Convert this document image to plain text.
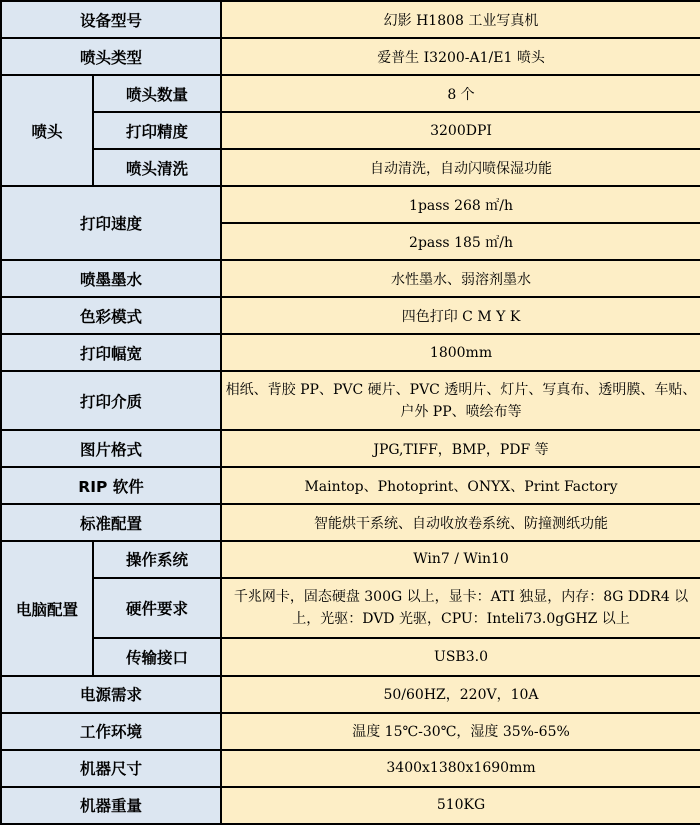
设备型号		幻影 H1808 工业写真机
喷头类型		爱普生 I3200-A1/E1 喷头
喷头	喷头数量	8 个
	打印精度	3200DPI
	喷头清洗	自动清洗，自动闪喷保湿功能
打印速度		1pass 268 ㎡/h
		2pass 185 ㎡/h
喷墨墨水		水性墨水、弱溶剂墨水
色彩模式		四色打印 C M Y K
打印幅宽		1800mm
打印介质		相纸、背胶 PP、PVC 硬片、PVC 透明片、灯片、写真布、透明膜、车贴、户外 PP、喷绘布等
图片格式		JPG,TIFF，BMP，PDF 等
RIP 软件		Maintop、Photoprint、ONYX、Print Factory
标准配置		智能烘干系统、自动收放卷系统、防撞测纸功能
电脑配置	操作系统	Win7 / Win10
	硬件要求	千兆网卡，固态硬盘 300G 以上，显卡：ATI 独显，内存：8G DDR4 以上，光驱：DVD 光驱，CPU：Inteli73.0gGHZ 以上
	传输接口	USB3.0
电源需求		50/60HZ，220V，10A
工作环境		温度 15℃-30℃，湿度 35%-65%
机器尺寸		3400x1380x1690mm
机器重量		510KG
